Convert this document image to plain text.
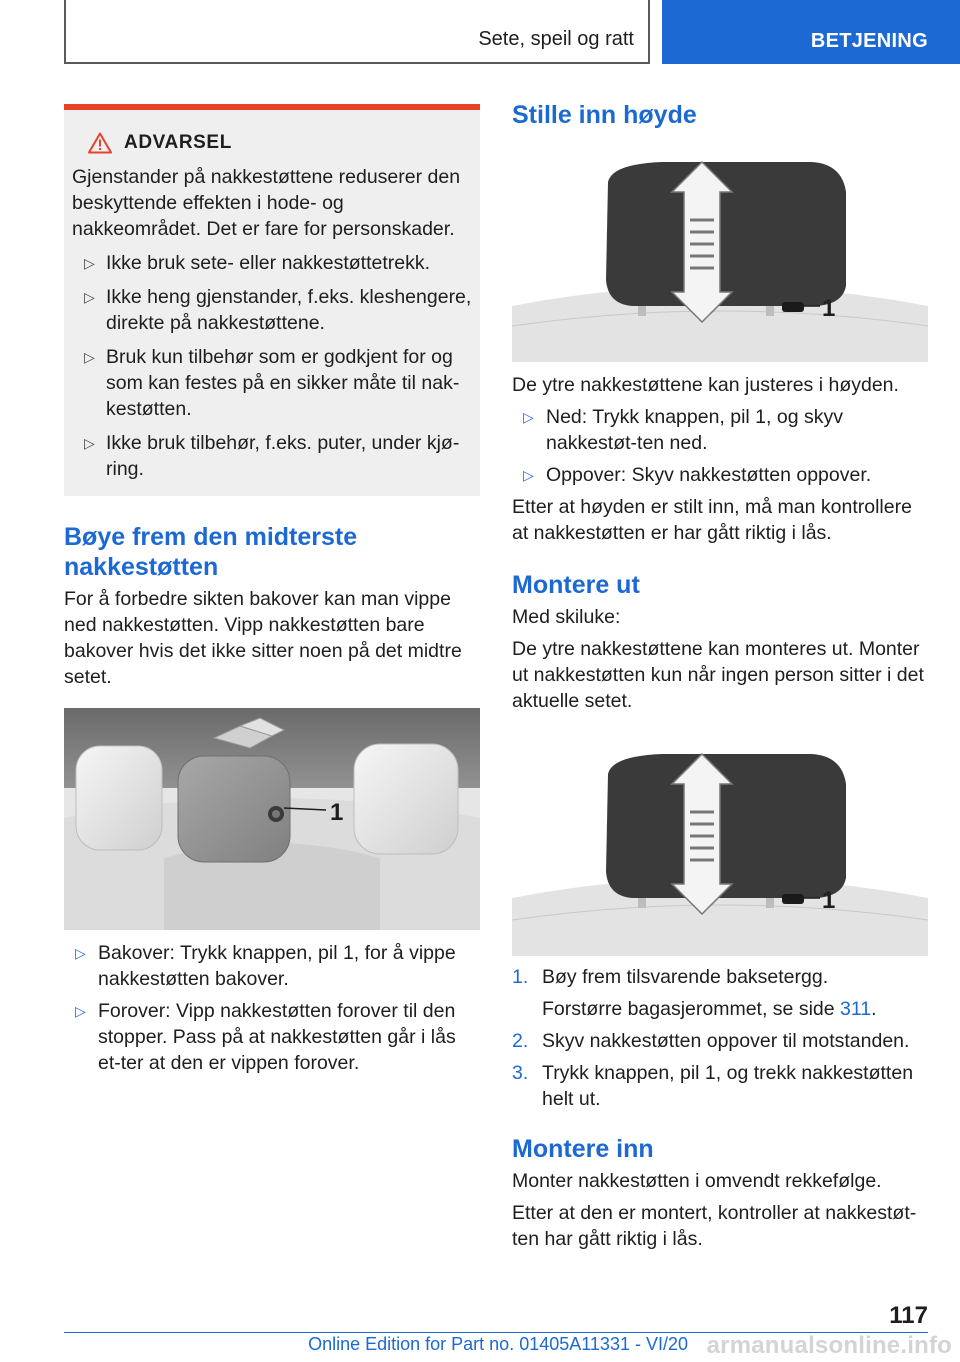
Sete, speil og ratt	BETJENING
ADVARSEL

Gjenstander på nakkestøttene reduserer den beskyttende effekten i hode- og nakkeområdet. Det er fare for personskader.

▷ Ikke bruk sete- eller nakkestøttetrekk.
▷ Ikke heng gjenstander, f.eks. kleshengere, direkte på nakkestøttene.
▷ Bruk kun tilbehør som er godkjent for og som kan festes på en sikker måte til nak‐kestøtten.
▷ Ikke bruk tilbehør, f.eks. puter, under kjø‐ring.
Bøye frem den midterste nakkestøtten

For å forbedre sikten bakover kan man vippe ned nakkestøtten. Vipp nakkestøtten bare bakover hvis det ikke sitter noen på det midtre setet.

1
▷ Bakover: Trykk knappen, pil 1, for å vippe nakkestøtten bakover.
▷ Forover: Vipp nakkestøtten forover til den stopper. Pass på at nakkestøtten går i lås et‐ter at den er vippen forover.
Stille inn høyde
1

De ytre nakkestøttene kan justeres i høyden.

▷ Ned: Trykk knappen, pil 1, og skyv nakkestøt‐ten ned.
▷ Oppover: Skyv nakkestøtten oppover.

Etter at høyden er stilt inn, må man kontrollere at nakkestøtten er har gått riktig i lås.

Montere ut

Med skiluke:

De ytre nakkestøttene kan monteres ut. Monter ut nakkestøtten kun når ingen person sitter i det aktuelle setet.

1
1. Bøy frem tilsvarende baksetergg.

Forstørre bagasjerommet, se side 311.

2. Skyv nakkestøtten oppover til motstanden.
3. Trykk knappen, pil 1, og trekk nakkestøtten helt ut.
Montere inn

Monter nakkestøtten i omvendt rekkefølge.

Etter at den er montert, kontroller at nakkestøt‐ten har gått riktig i lås.

117
Online Edition for Part no. 01405A11331 - VI/20 armanualsonline.info
